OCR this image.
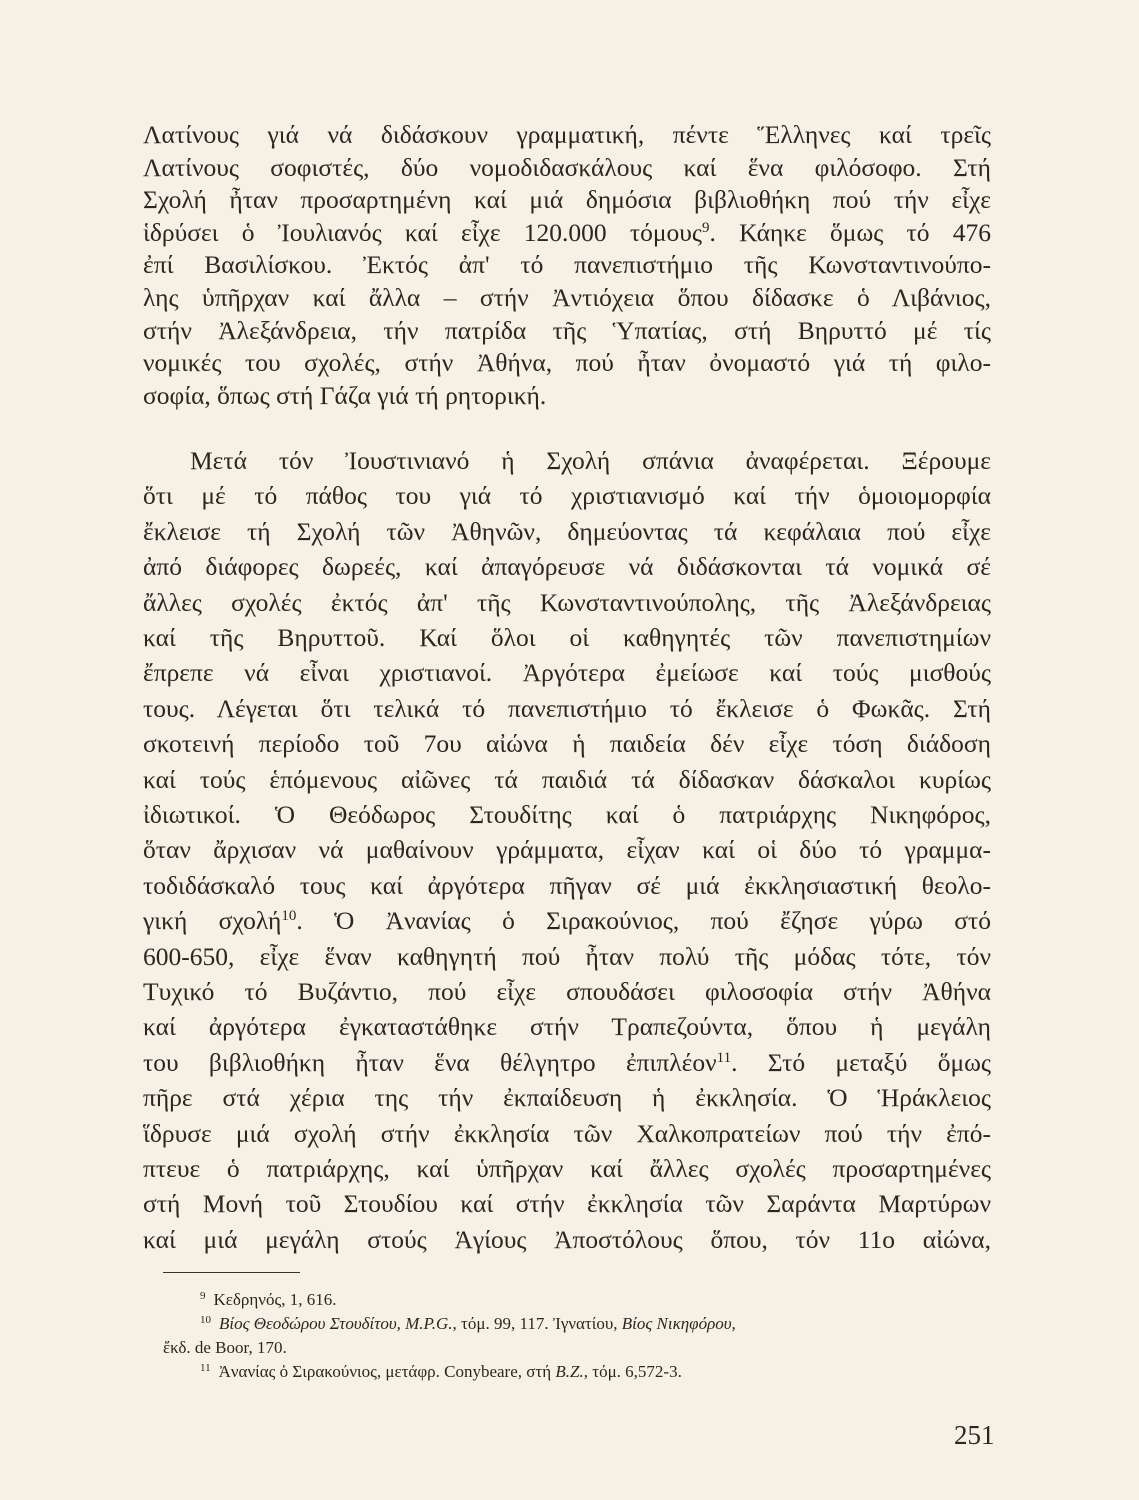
Λατίνους γιά νά διδάσκουν γραμματική, πέντε Ἕλληνες καί τρεῖς
Λατίνους σοφιστές, δύο νομοδιδασκάλους καί ἕνα φιλόσοφο. Στή
Σχολή ἦταν προσαρτημένη καί μιά δημόσια βιβλιοθήκη πού τήν εἶχε
ἱδρύσει ὁ Ἰουλιανός καί εἶχε 120.000 τόμους$^9$. Κάηκε ὅμως τό 476
ἐπί Βασιλίσκου. Ἐκτός ἀπ' τό πανεπιστήμιο τῆς Κωνσταντινούπο-
λης ὑπῆρχαν καί ἄλλα – στήν Ἀντιόχεια ὅπου δίδασκε ὁ Λιβάνιος,
στήν Ἀλεξάνδρεια, τήν πατρίδα τῆς Ὑπατίας, στή Βηρυττό μέ τίς
νομικές του σχολές, στήν Ἀθήνα, πού ἦταν ὀνομαστό γιά τή φιλο-
σοφία, ὅπως στή Γάζα γιά τή ρητορική.
Μετά τόν Ἰουστινιανό ἡ Σχολή σπάνια ἀναφέρεται. Ξέρουμε
ὅτι μέ τό πάθος του γιά τό χριστιανισμό καί τήν ὁμοιομορφία
ἔκλεισε τή Σχολή τῶν Ἀθηνῶν, δημεύοντας τά κεφάλαια πού εἶχε
ἀπό διάφορες δωρεές, καί ἀπαγόρευσε νά διδάσκονται τά νομικά σέ
ἄλλες σχολές ἐκτός ἀπ' τῆς Κωνσταντινούπολης, τῆς Ἀλεξάνδρειας
καί τῆς Βηρυττοῦ. Καί ὅλοι οἱ καθηγητές τῶν πανεπιστημίων
ἔπρεπε νά εἶναι χριστιανοί. Ἀργότερα ἐμείωσε καί τούς μισθούς
τους. Λέγεται ὅτι τελικά τό πανεπιστήμιο τό ἔκλεισε ὁ Φωκᾶς. Στή
σκοτεινή περίοδο τοῦ 7ου αἰώνα ἡ παιδεία δέν εἶχε τόση διάδοση
καί τούς ἑπόμενους αἰῶνες τά παιδιά τά δίδασκαν δάσκαλοι κυρίως
ἰδιωτικοί. Ὁ Θεόδωρος Στουδίτης καί ὁ πατριάρχης Νικηφόρος,
ὅταν ἄρχισαν νά μαθαίνουν γράμματα, εἶχαν καί οἱ δύο τό γραμμα-
τοδιδάσκαλό τους καί ἀργότερα πῆγαν σέ μιά ἐκκλησιαστική θεολο-
γική σχολή$^{10}$. Ὁ Ἀνανίας ὁ Σιρακούνιος, πού ἔζησε γύρω στό
600-650, εἶχε ἕναν καθηγητή πού ἦταν πολύ τῆς μόδας τότε, τόν
Τυχικό τό Βυζάντιο, πού εἶχε σπουδάσει φιλοσοφία στήν Ἀθήνα
καί ἀργότερα ἐγκαταστάθηκε στήν Τραπεζούντα, ὅπου ἡ μεγάλη
του βιβλιοθήκη ἦταν ἕνα θέλγητρο ἐπιπλέον$^{11}$. Στό μεταξύ ὅμως
πῆρε στά χέρια της τήν ἐκπαίδευση ἡ ἐκκλησία. Ὁ Ἡράκλειος
ἵδρυσε μιά σχολή στήν ἐκκλησία τῶν Χαλκοπρατείων πού τήν ἐπό-
πτευε ὁ πατριάρχης, καί ὑπῆρχαν καί ἄλλες σχολές προσαρτημένες
στή Μονή τοῦ Στουδίου καί στήν ἐκκλησία τῶν Σαράντα Μαρτύρων
καί μιά μεγάλη στούς Ἁγίους Ἀποστόλους ὅπου, τόν 11ο αἰώνα,
$^9$ Κεδρηνός, 1, 616.
$^{10}$ Βίος Θεοδώρου Στουδίτου, M.P.G., τόμ. 99, 117. Ἰγνατίου, Βίος Νικηφόρου,
ἔκδ. de Boor, 170.
$^{11}$ Ἀνανίας ὁ Σιρακούνιος, μετάφρ. Conybeare, στή B.Z., τόμ. 6,572-3.
251
